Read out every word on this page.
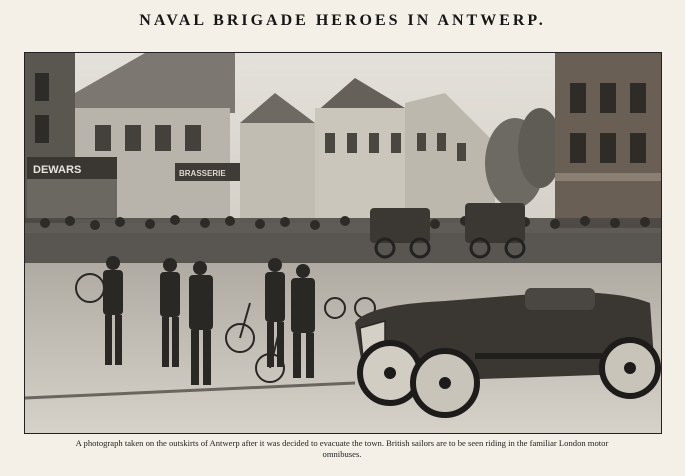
NAVAL BRIGADE HEROES IN ANTWERP.
DEWARS	BRASSERIE
A photograph taken on the outskirts of Antwerp after it was decided to evacuate the town. British sailors are to be seen riding in the familiar London motor
omnibuses.
